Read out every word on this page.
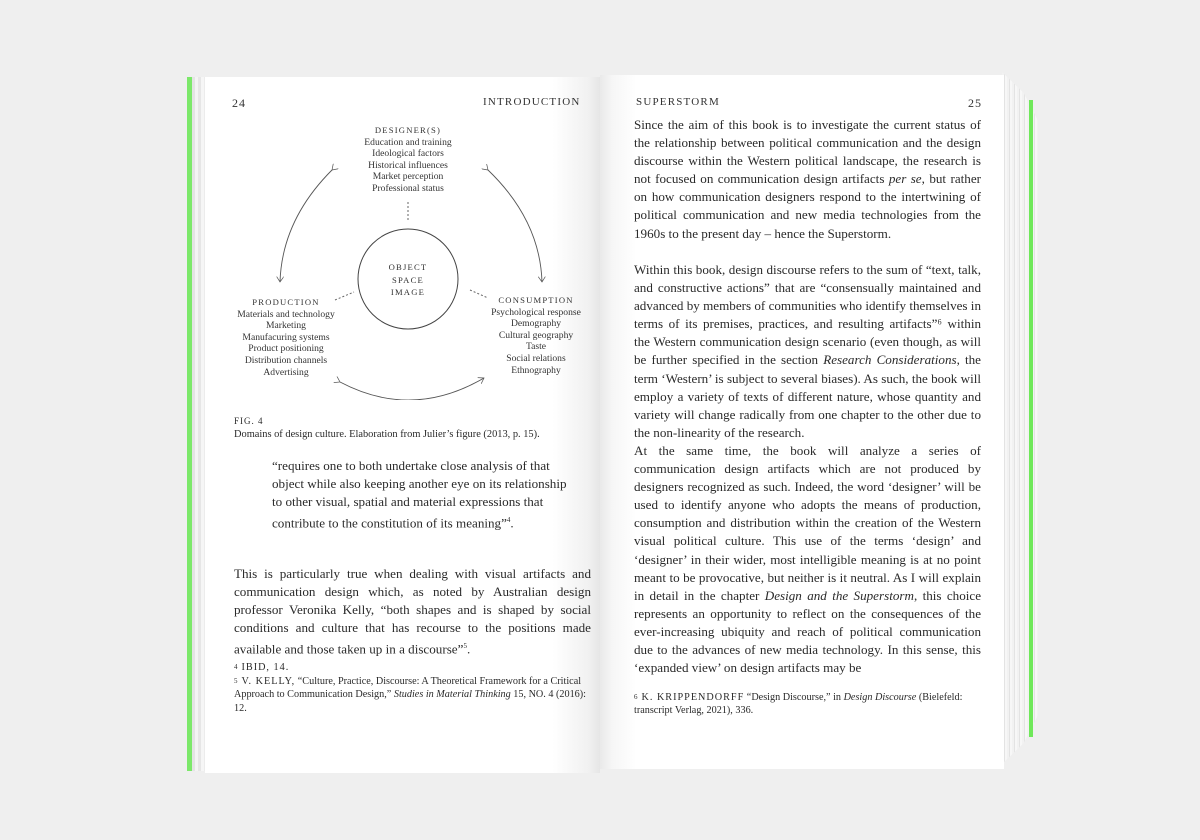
24	INTRODUCTION
DESIGNER(S)
Education and training
Ideological factors
Historical influences
Market perception
Professional status
OBJECT
SPACE
IMAGE
PRODUCTION
Materials and technology
Marketing
Manufacuring systems
Product positioning
Distribution channels
Advertising
CONSUMPTION
Psychological response
Demography
Cultural geography
Taste
Social relations
Ethnography
FIG. 4
Domains of design culture. Elaboration from Julier’s figure (2013, p. 15).
“requires one to both undertake close analysis of that object while also keeping another eye on its relationship to other visual, spatial and material expressions that contribute to the constitution of its meaning”$^4$.
This is particularly true when dealing with visual artifacts and communication design which, as noted by Australian design professor Veronika Kelly, “both shapes and is shaped by social conditions and culture that has recourse to the positions made available and those taken up in a discourse”$^5$.
4 IBID, 14.
5 V. KELLY, “Culture, Practice, Discourse: A Theoretical Framework for a Critical Approach to Communication Design,” Studies in Material Thinking 15, NO. 4 (2016): 12.
SUPERSTORM	25
Since the aim of this book is to investigate the current status of the relationship between political communication and the design discourse within the Western political landscape, the research is not focused on communication design artifacts per se, but rather on how communication designers respond to the intertwining of political communication and new media technologies from the 1960s to the present day – hence the Superstorm.
Within this book, design discourse refers to the sum of “text, talk, and constructive actions” that are “consensually maintained and advanced by members of communities who identify themselves in terms of its premises, practices, and resulting artifacts”⁶ within the Western communication design scenario (even though, as will be further specified in the section Research Considerations, the term ‘Western’ is subject to several biases). As such, the book will employ a variety of texts of different nature, whose quantity and variety will change radically from one chapter to the other due to the non-linearity of the research.
At the same time, the book will analyze a series of communication design artifacts which are not produced by designers recognized as such. Indeed, the word ‘designer’ will be used to identify anyone who adopts the means of production, consumption and distribution within the creation of the Western visual political culture. This use of the terms ‘design’ and ‘designer’ in their wider, most intelligible meaning is at no point meant to be provocative, but neither is it neutral. As I will explain in detail in the chapter Design and the Superstorm, this choice represents an opportunity to reflect on the consequences of the ever-increasing ubiquity and reach of political communication due to the advances of new media technology. In this sense, this ‘expanded view’ on design artifacts may be
6 K. KRIPPENDORFF “Design Discourse,” in Design Discourse (Bielefeld: transcript Verlag, 2021), 336.
